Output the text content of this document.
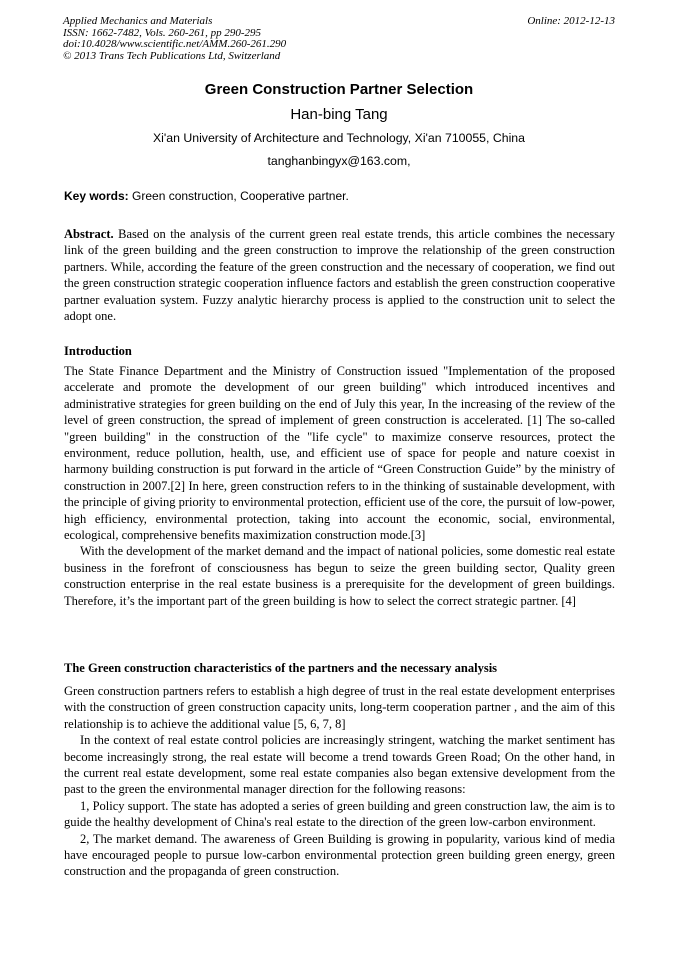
Applied Mechanics and Materials
ISSN: 1662-7482, Vols. 260-261, pp 290-295
doi:10.4028/www.scientific.net/AMM.260-261.290
© 2013 Trans Tech Publications Ltd, Switzerland
Online: 2012-12-13
Green Construction Partner Selection
Han-bing Tang
Xi'an University of Architecture and Technology, Xi'an 710055, China
tanghanbingyx@163.com,
Key words: Green construction, Cooperative partner.

Abstract. Based on the analysis of the current green real estate trends, this article combines the necessary link of the green building and the green construction to improve the relationship of the green construction partners. While, according the feature of the green construction and the necessary of cooperation, we find out the green construction strategic cooperation influence factors and establish the green construction cooperative partner evaluation system. Fuzzy analytic hierarchy process is applied to the construction unit to select the adopt one.

Introduction

The State Finance Department and the Ministry of Construction issued "Implementation of the proposed accelerate and promote the development of our green building" which introduced incentives and administrative strategies for green building on the end of July this year, In the increasing of the review of the level of green construction, the spread of implement of green construction is accelerated. [1] The so-called "green building" in the construction of the "life cycle" to maximize conserve resources, protect the environment, reduce pollution, health, use, and efficient use of space for people and nature coexist in harmony building construction is put forward in the article of “Green Construction Guide” by the ministry of construction in 2007.[2] In here, green construction refers to in the thinking of sustainable development, with the principle of giving priority to environmental protection, efficient use of the core, the pursuit of low-power, high efficiency, environmental protection, taking into account the economic, social, environmental, ecological, comprehensive benefits maximization construction mode.[3]

With the development of the market demand and the impact of national policies, some domestic real estate business in the forefront of consciousness has begun to seize the green building sector, Quality green construction enterprise in the real estate business is a prerequisite for the development of green buildings. Therefore, it’s the important part of the green building is how to select the correct strategic partner. [4]

The Green construction characteristics of the partners and the necessary analysis

Green construction partners refers to establish a high degree of trust in the real estate development enterprises with the construction of green construction capacity units, long-term cooperation partner , and the aim of this relationship is to achieve the additional value [5, 6, 7, 8]

In the context of real estate control policies are increasingly stringent, watching the market sentiment has become increasingly strong, the real estate will become a trend towards Green Road; On the other hand, in the current real estate development, some real estate companies also began extensive development from the past to the green the environmental manager direction for the following reasons:

1, Policy support. The state has adopted a series of green building and green construction law, the aim is to guide the healthy development of China's real estate to the direction of the green low-carbon environment.

2, The market demand. The awareness of Green Building is growing in popularity, various kind of media have encouraged people to pursue low-carbon environmental protection green building green energy, green construction and the propaganda of green construction.
